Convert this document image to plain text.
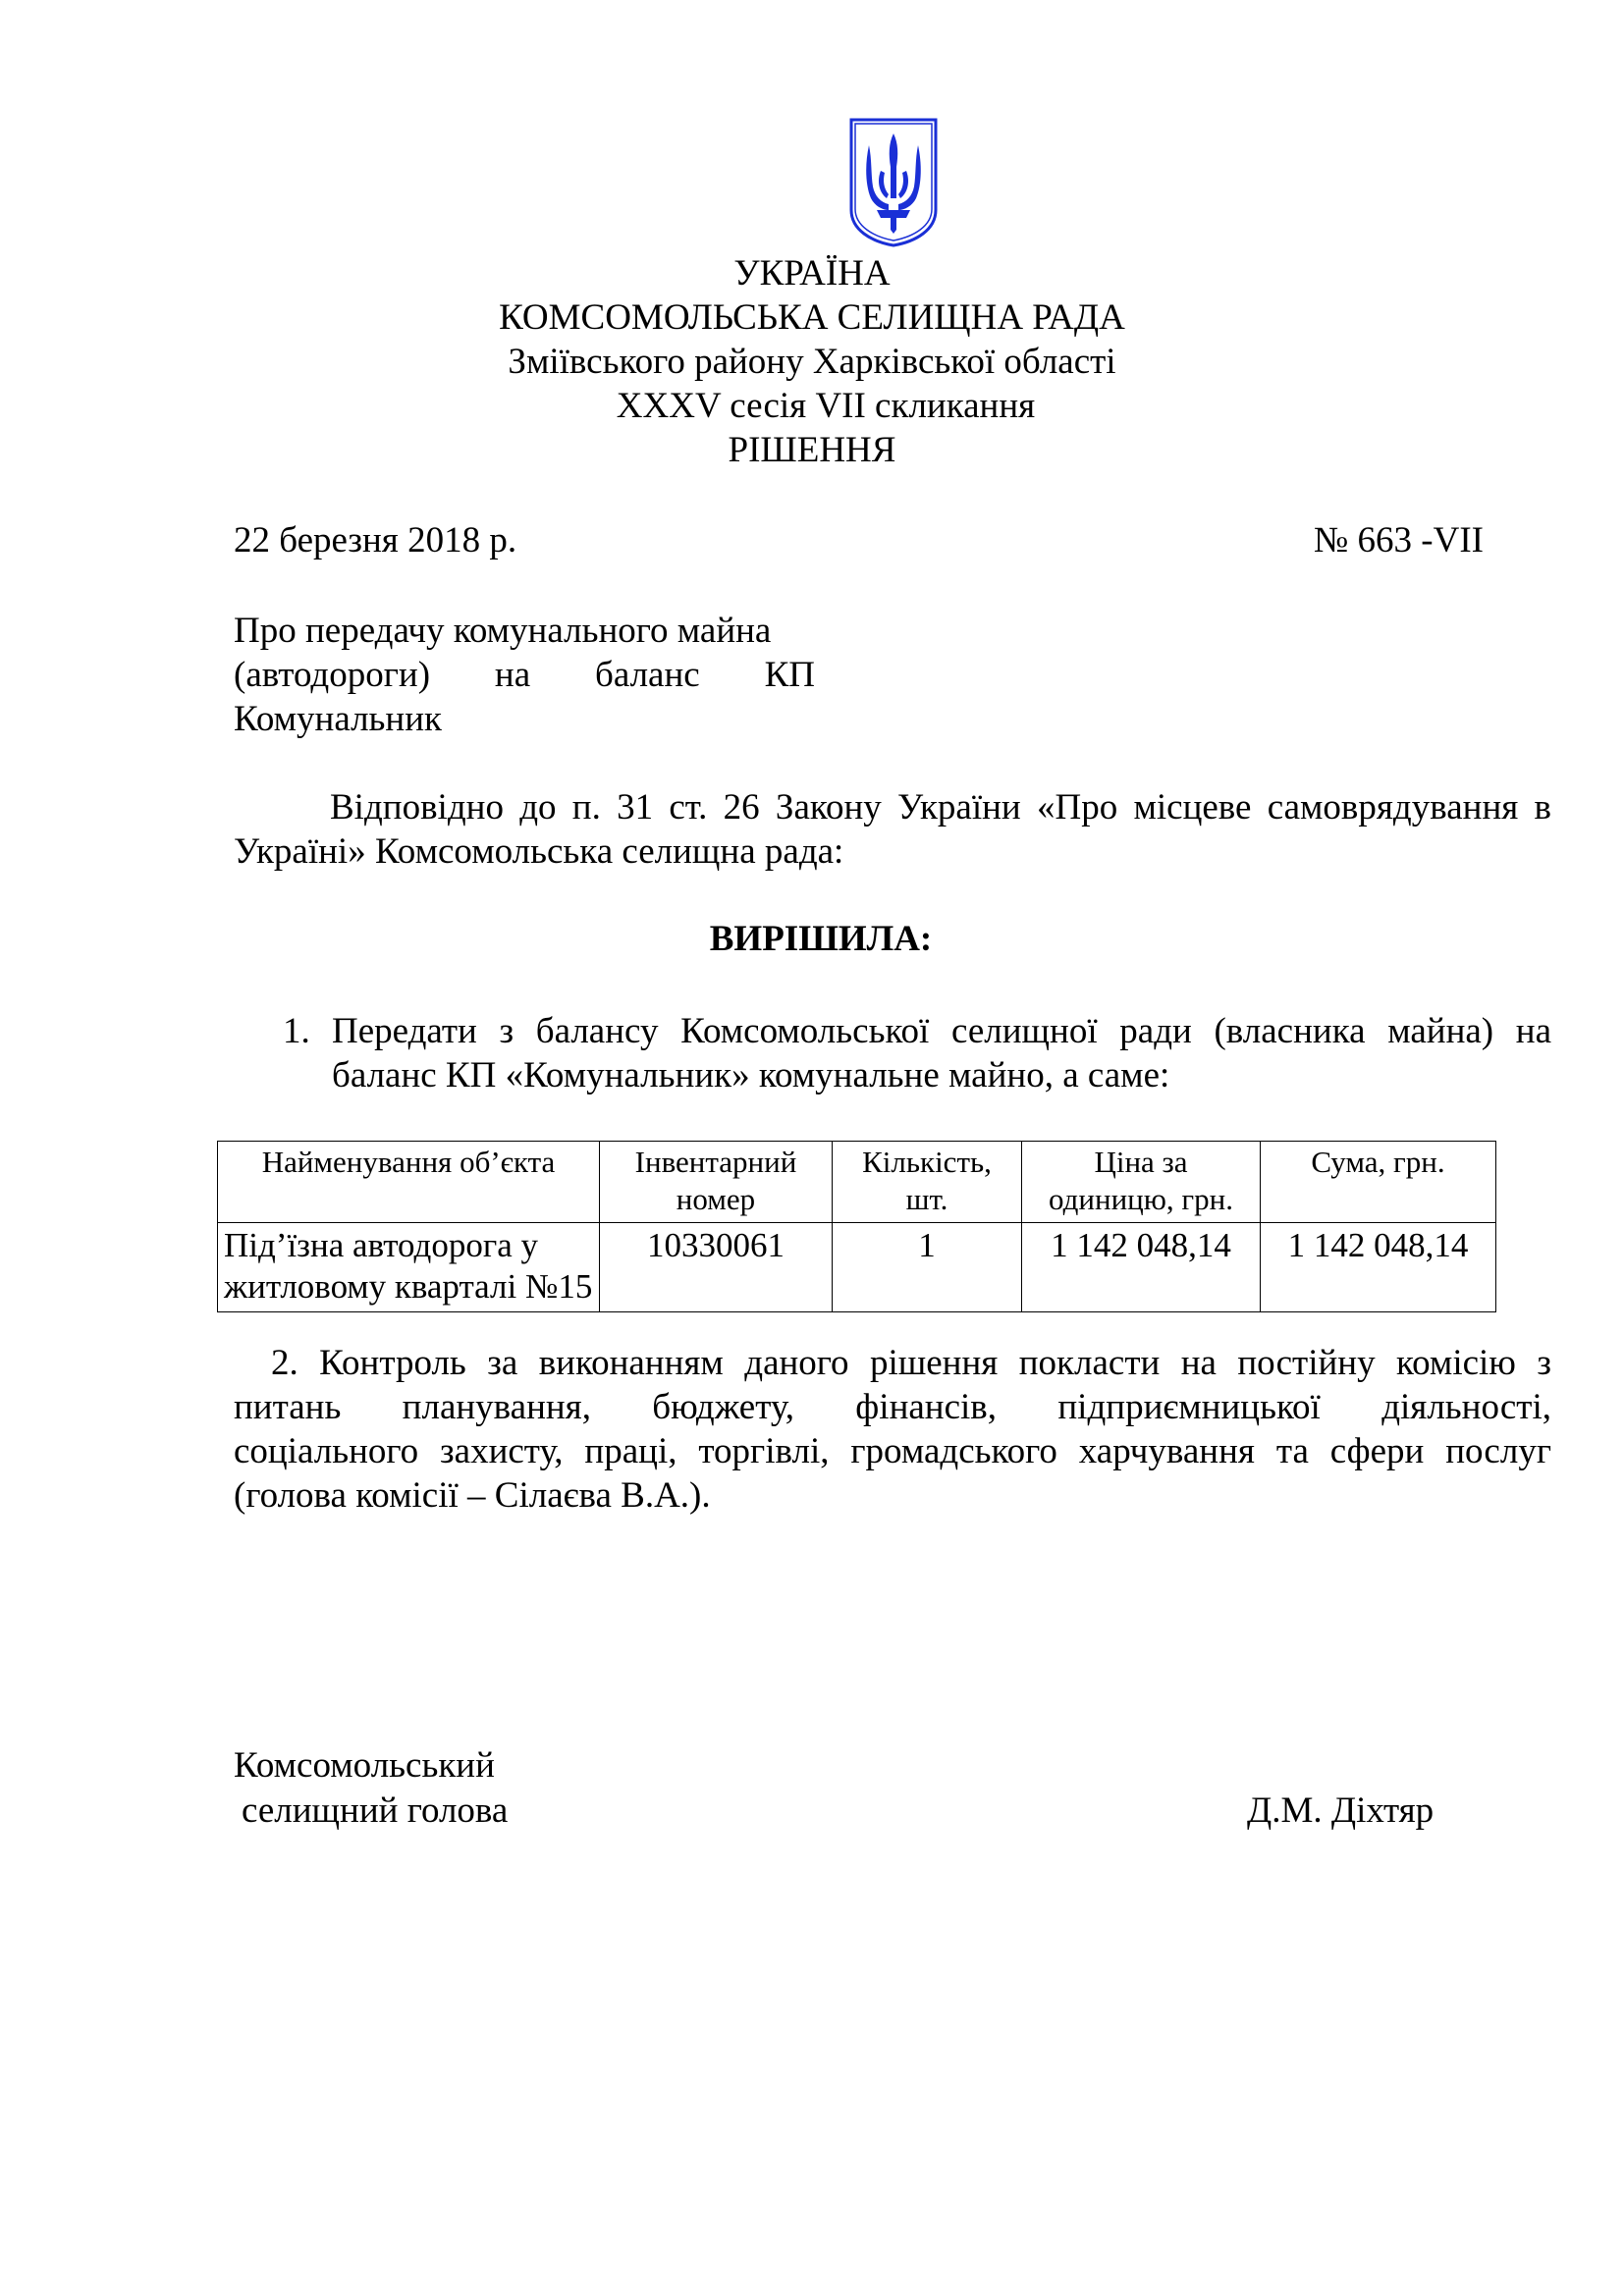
УКРАЇНА
КОМСОМОЛЬСЬКА СЕЛИЩНА РАДА
Зміївського району Харківської області
XXXV сесія VII скликання
РІШЕННЯ
22 березня 2018 р.	№ 663 -VII
Про передачу комунального майна
(автодороги) на баланс КП
Комунальник
Відповідно до п. 31 ст. 26 Закону України «Про місцеве самоврядування в
Україні» Комсомольська селищна рада:
ВИРІШИЛА:
1. Передати з балансу Комсомольської селищної ради (власника майна) на
баланс КП «Комунальник» комунальне майно, а саме:
Найменування об’єкта	Інвентарний номер	Кількість, шт.	Ціна за одиницю, грн.	Сума, грн.
Під’їзна автодорога у житловому кварталі №15	10330061	1	1 142 048,14	1 142 048,14
2. Контроль за виконанням даного рішення покласти на постійну комісію з
питань планування, бюджету, фінансів, підприємницької діяльності,
соціального захисту, праці, торгівлі, громадського харчування та сфери послуг
(голова комісії – Сілаєва В.А.).
Комсомольський
селищний голова	Д.М. Діхтяр
